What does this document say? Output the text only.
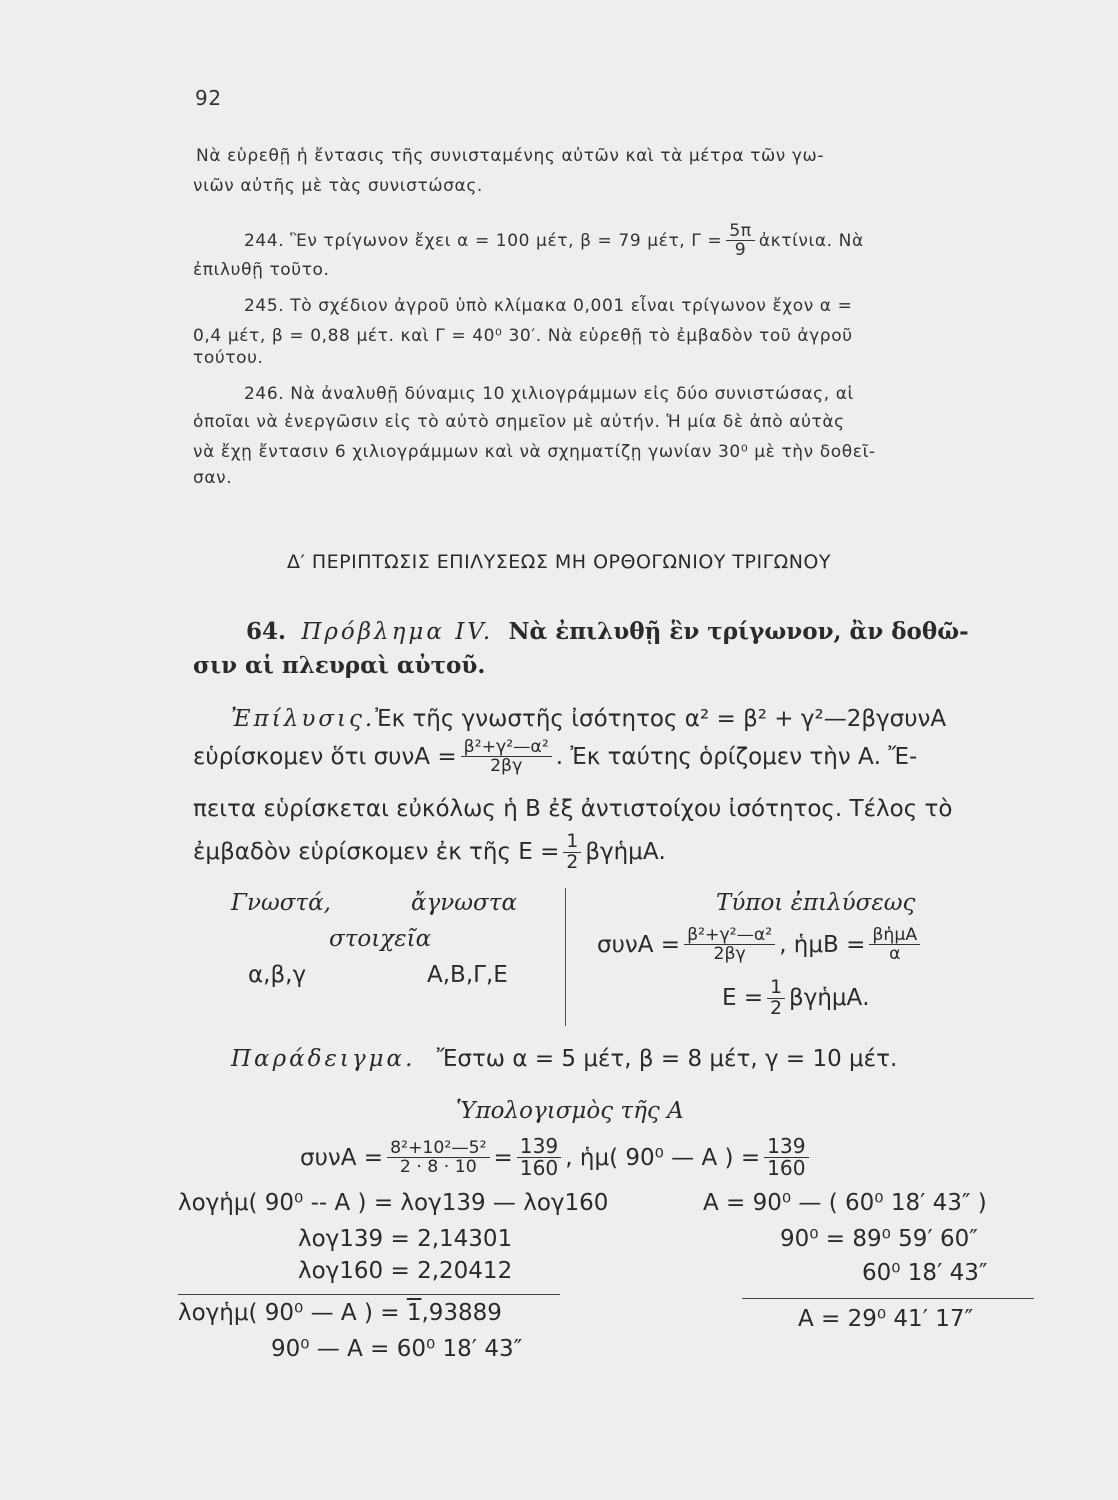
92
Νὰ εὑρεθῇ ἡ ἔντασις τῆς συνισταμένης αὐτῶν καὶ τὰ μέτρα τῶν γω-
νιῶν αὐτῆς μὲ τὰς συνιστώσας.
244. Ἓν τρίγωνον ἔχει α = 100 μέτ, β = 79 μέτ, $\Gamma = \frac{5\pi}{9}$ ἀκτίνια. Νὰ
ἐπιλυθῇ τοῦτο.
245. Τὸ σχέδιον ἀγροῦ ὑπὸ κλίμακα 0,001 εἶναι τρίγωνον ἔχον α =
0,4 μέτ, β = 0,88 μέτ. καὶ Γ = 40⁰ 30′. Νὰ εὑρεθῇ τὸ ἐμβαδὸν τοῦ ἀγροῦ
τούτου.
246. Νὰ ἀναλυθῇ δύναμις 10 χιλιογράμμων εἰς δύο συνιστώσας, αἱ
ὁποῖαι νὰ ἐνεργῶσιν εἰς τὸ αὐτὸ σημεῖον μὲ αὐτήν. Ἡ μία δὲ ἀπὸ αὐτὰς
νὰ ἔχῃ ἔντασιν 6 χιλιογράμμων καὶ νὰ σχηματίζῃ γωνίαν 30⁰ μὲ τὴν δοθεῖ-
σαν.
Δ′ ΠΕΡΙΠΤΩΣΙΣ ΕΠΙΛΥΣΕΩΣ ΜΗ ΟΡΘΟΓΩΝΙΟΥ ΤΡΙΓΩΝΟΥ
64. Πρόβλημα IV. Νὰ ἐπιλυθῇ ἓν τρίγωνον, ἂν δοθῶ-
σιν αἱ πλευραὶ αὐτοῦ.
Ἐπίλυσις.Ἐκ τῆς γνωστῆς ἰσότητος α² = β² + γ²—2βγσυνΑ
εὑρίσκομεν ὅτι $\sigma\upsilon\nu A = \frac{\text{β²+γ²—α²}}{2\beta\gamma}$ . Ἐκ ταύτης ὁρίζομεν τὴν Α. Ἔ-
πειτα εὑρίσκεται εὐκόλως ἡ Β ἐξ ἀντιστοίχου ἰσότητος. Τέλος τὸ
ἐμβαδὸν εὑρίσκομεν ἐκ τῆς $E = \frac{1}{2}$ βγἡμΑ.
Γνωστά,	ἄγνωστα
στοιχεῖα
α,β,γ	Α,Β,Γ,Ε
Τύποι ἐπιλύσεως
$\sigma\upsilon\nu A = \frac{\text{β²+γ²—α²}}{2\beta\gamma}$ , ἡμΒ = $\frac{\text{βἡμΑ}}{\alpha}$
$E = \frac{1}{2}$ βγἡμΑ.
Παράδειγμα. Ἔστω α = 5 μέτ, β = 8 μέτ, γ = 10 μέτ.
Ὑπολογισμὸς τῆς Α
$\sigma\upsilon\nu A = \frac{\text{8²+10²—5²}}{2 \cdot 8 \cdot 10} = \frac{139}{160}$ , ἡμ( 90⁰ — Α ) = $\frac{139}{160}$
λογἡμ( 90⁰ -- Α ) = λογ139 — λογ160
λογ139 = 2,14301
λογ160 = 2,20412
λογἡμ( 90⁰ — Α ) = 1,93889
90⁰ — Α = 60⁰ 18′ 43″
Α = 90⁰ — ( 60⁰ 18′ 43″ )
90⁰ = 89⁰ 59′ 60″
60⁰ 18′ 43″
Α = 29⁰ 41′ 17″
